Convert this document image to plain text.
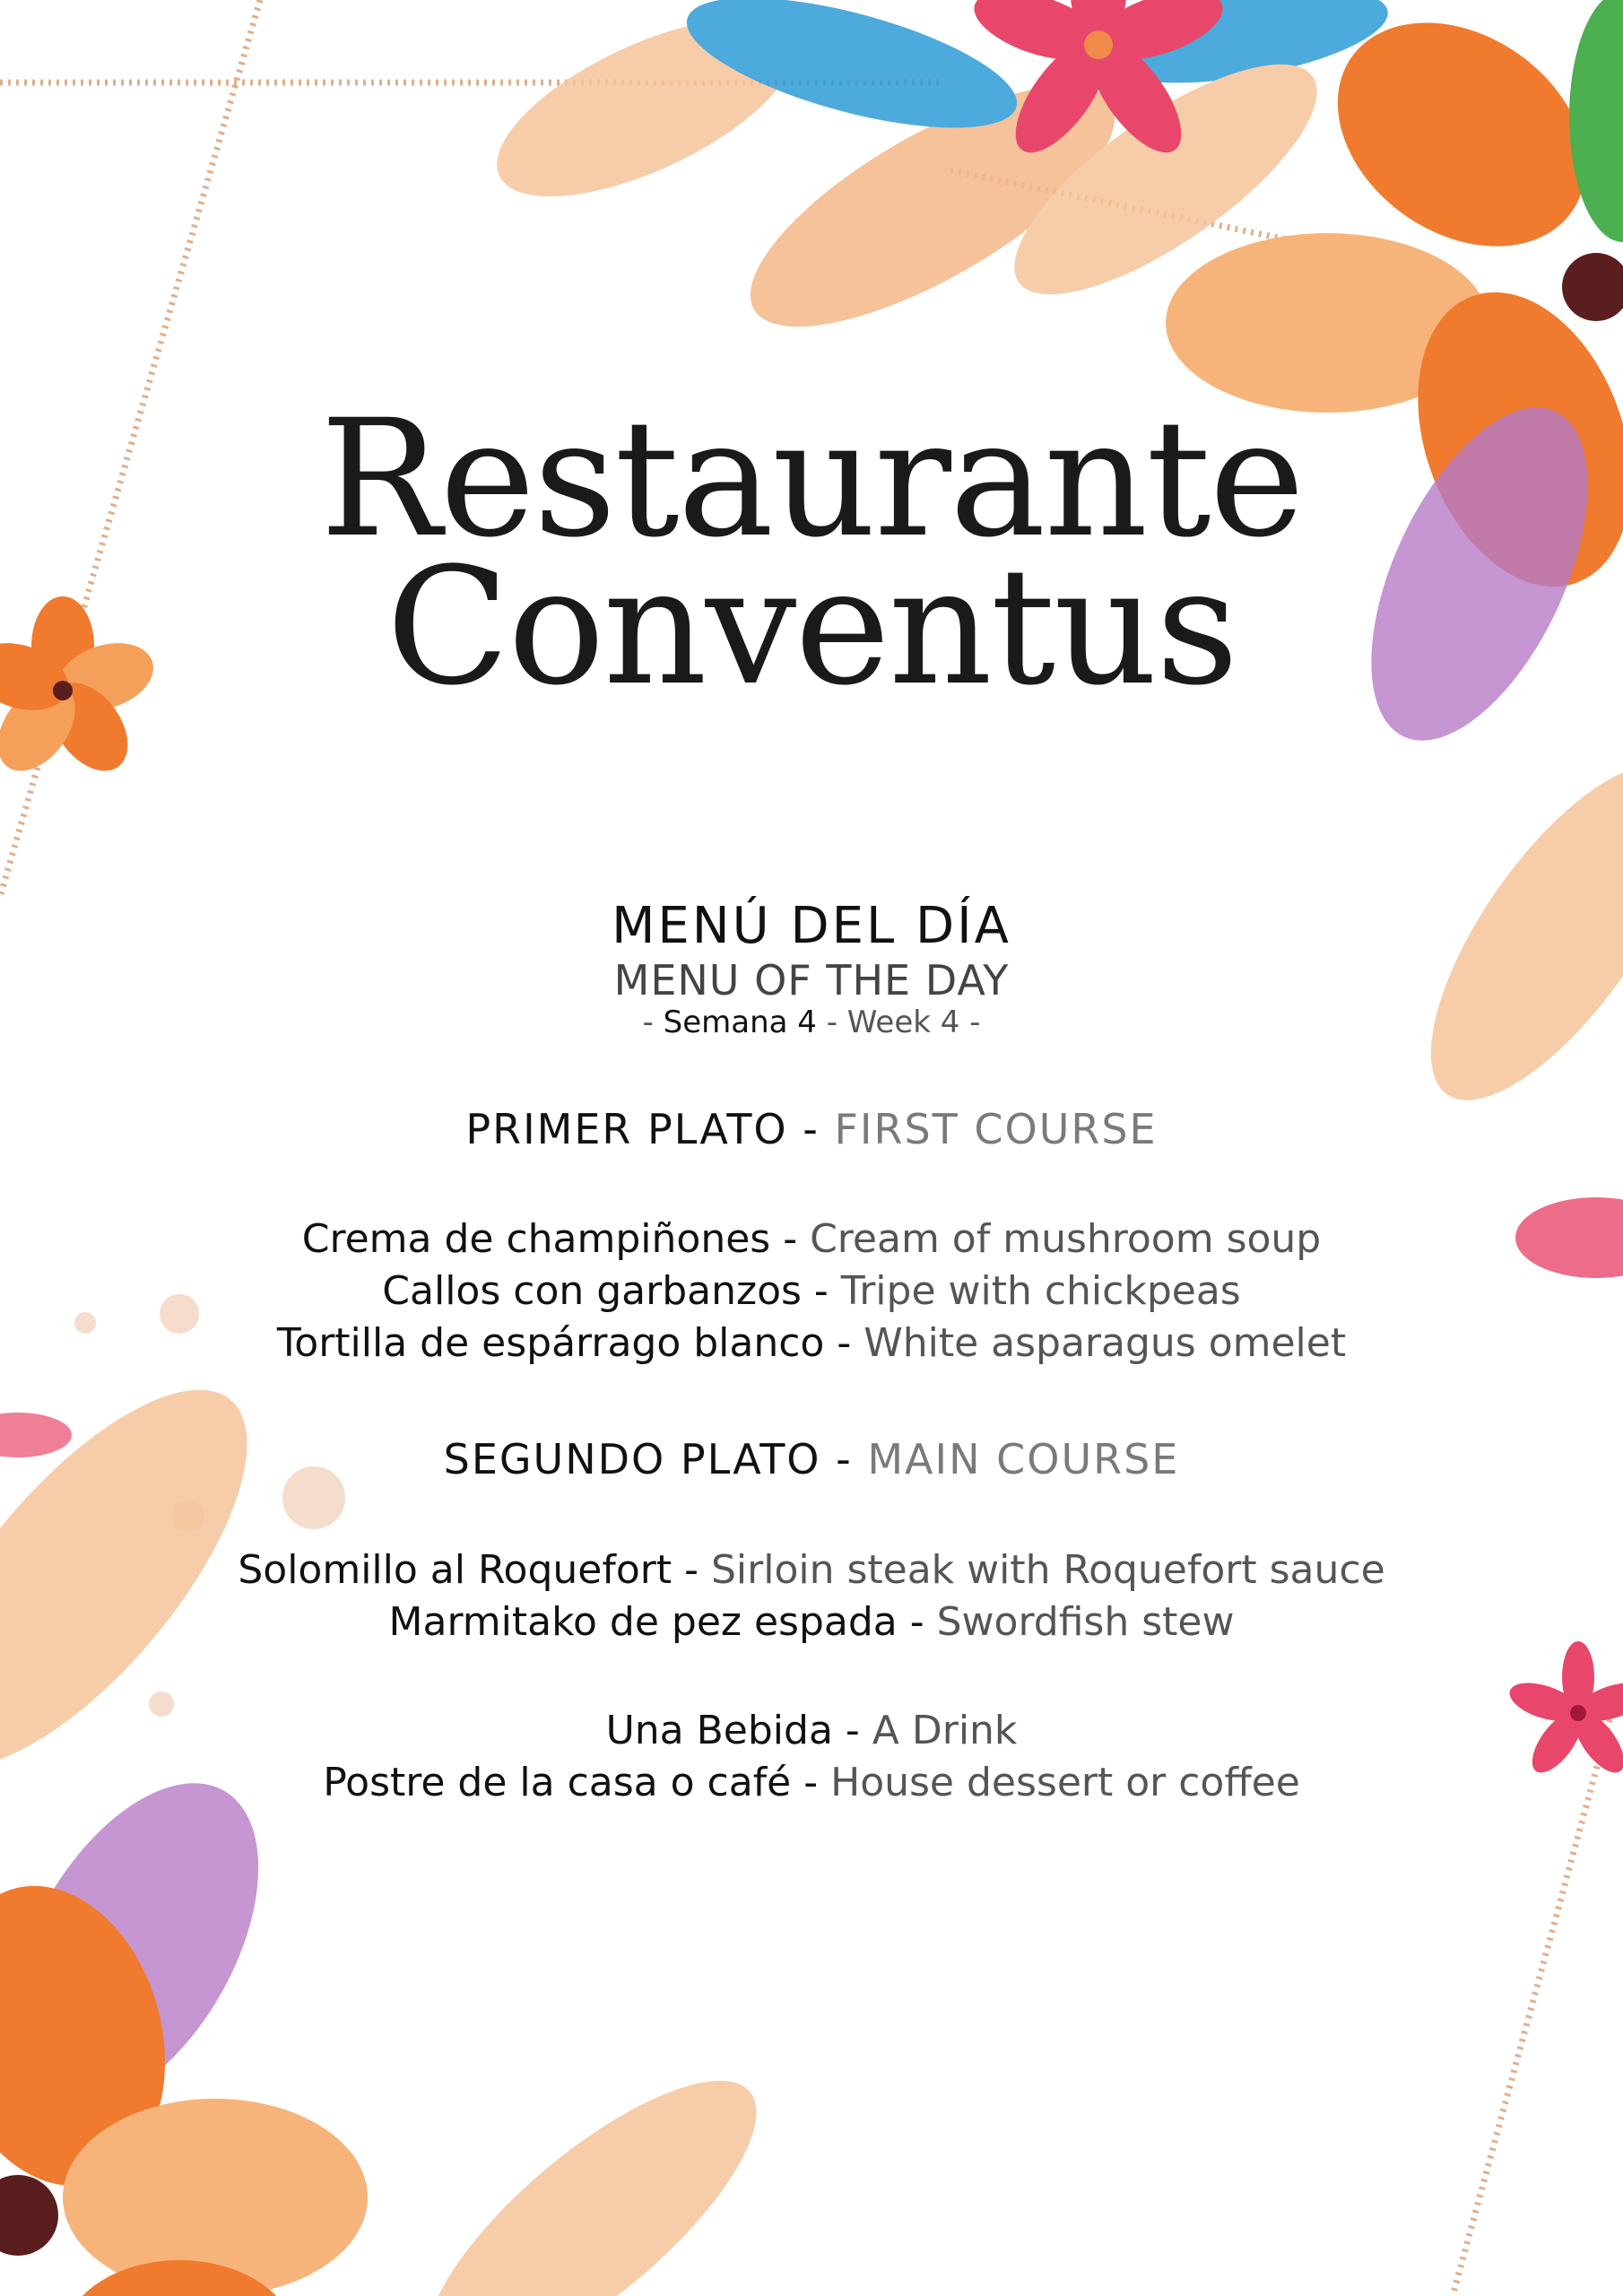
Restaurante
Conventus
MENÚ DEL DÍA
MENU OF THE DAY
- Semana 4 - Week 4 -
PRIMER PLATO - FIRST COURSE
Crema de champiñones - Cream of mushroom soup
Callos con garbanzos - Tripe with chickpeas
Tortilla de espárrago blanco - White asparagus omelet
SEGUNDO PLATO - MAIN COURSE
Solomillo al Roquefort - Sirloin steak with Roquefort sauce
Marmitako de pez espada - Swordfish stew
Una Bebida - A Drink
Postre de la casa o café - House dessert or coffee
